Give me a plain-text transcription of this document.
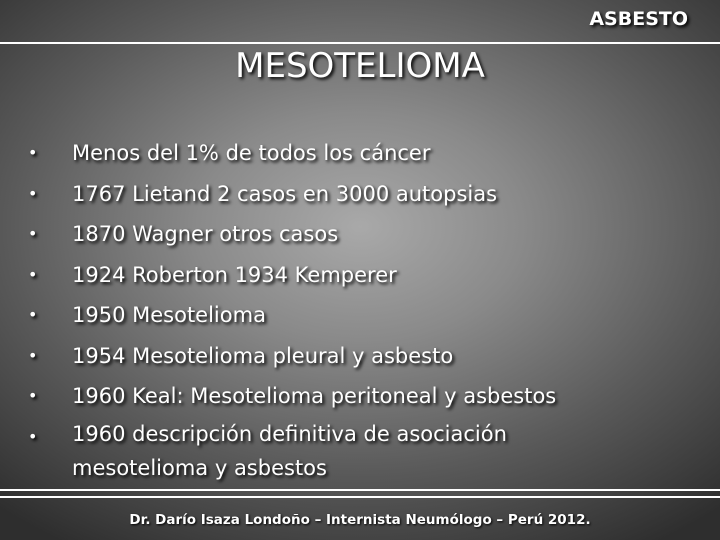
ASBESTO
MESOTELIOMA
• Menos del 1% de todos los cáncer
• 1767 Lietand 2 casos en 3000 autopsias
• 1870 Wagner otros casos
• 1924 Roberton 1934 Kemperer
• 1950 Mesotelioma
• 1954 Mesotelioma pleural y asbesto
• 1960 Keal: Mesotelioma peritoneal y asbestos
• 1960 descripción definitiva de asociación mesotelioma y asbestos
Dr. Darío Isaza Londoño – Internista Neumólogo – Perú 2012.
